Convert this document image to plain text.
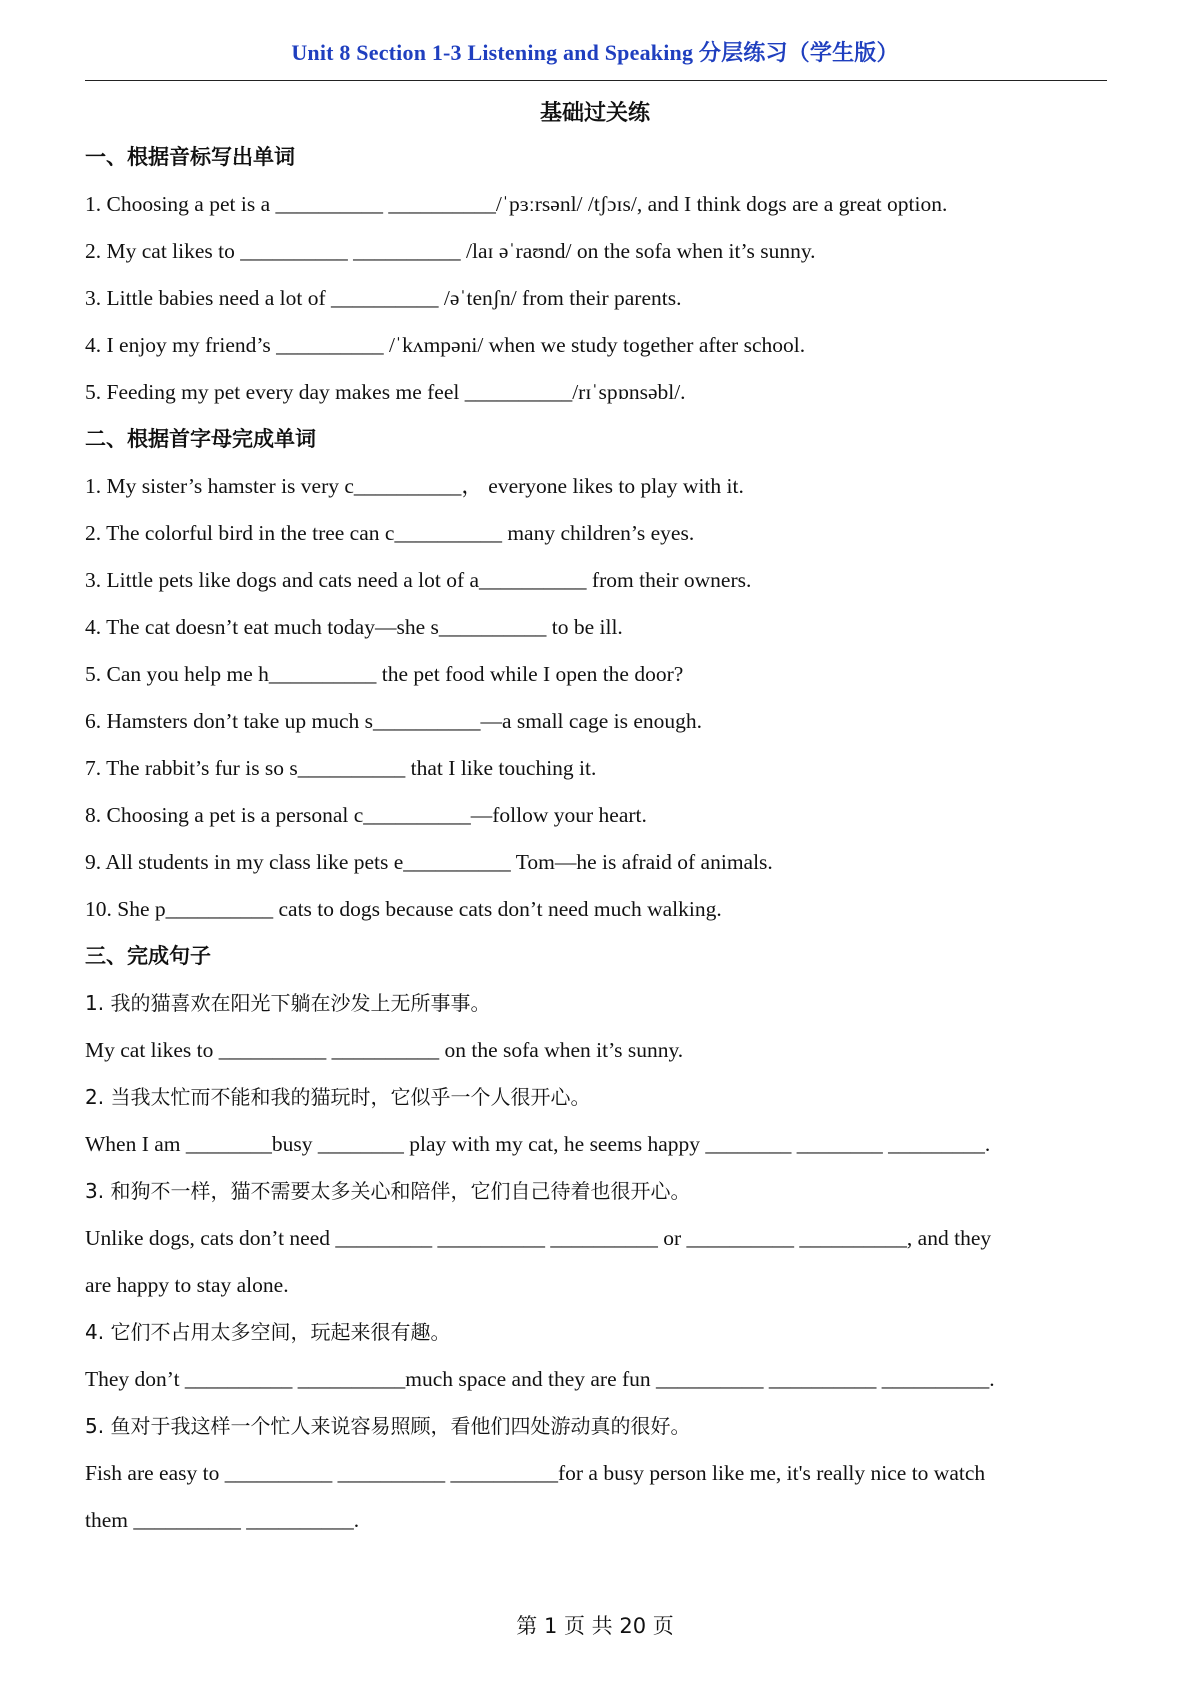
Unit 8 Section 1-3 Listening and Speaking 分层练习（学生版）
基础过关练
一、根据音标写出单词
1. Choosing a pet is a __________ __________/ˈpɜːrsənl/ /tʃɔɪs/, and I think dogs are a great option.
2. My cat likes to __________ __________ /laɪ əˈraʊnd/ on the sofa when it’s sunny.
3. Little babies need a lot of __________ /əˈtenʃn/ from their parents.
4. I enjoy my friend’s __________ /ˈkʌmpəni/ when we study together after school.
5. Feeding my pet every day makes me feel __________/rɪˈspɒnsəbl/.
二、根据首字母完成单词
1. My sister’s hamster is very c__________， everyone likes to play with it.
2. The colorful bird in the tree can c__________ many children’s eyes.
3. Little pets like dogs and cats need a lot of a__________ from their owners.
4. The cat doesn’t eat much today—she s__________ to be ill.
5. Can you help me h__________ the pet food while I open the door?
6. Hamsters don’t take up much s__________—a small cage is enough.
7. The rabbit’s fur is so s__________ that I like touching it.
8. Choosing a pet is a personal c__________—follow your heart.
9. All students in my class like pets e__________ Tom—he is afraid of animals.
10. She p__________ cats to dogs because cats don’t need much walking.
三、完成句子
1. 我的猫喜欢在阳光下躺在沙发上无所事事。
My cat likes to __________ __________ on the sofa when it’s sunny.
2. 当我太忙而不能和我的猫玩时，它似乎一个人很开心。
When I am ________busy ________ play with my cat, he seems happy ________ ________ _________.
3. 和狗不一样，猫不需要太多关心和陪伴，它们自己待着也很开心。
Unlike dogs, cats don’t need _________ __________ __________ or __________ __________, and they
are happy to stay alone.
4. 它们不占用太多空间，玩起来很有趣。
They don’t __________ __________much space and they are fun __________ __________ __________.
5. 鱼对于我这样一个忙人来说容易照顾，看他们四处游动真的很好。
Fish are easy to __________ __________ __________for a busy person like me, it's really nice to watch
them __________ __________.
第 1 页 共 20 页
